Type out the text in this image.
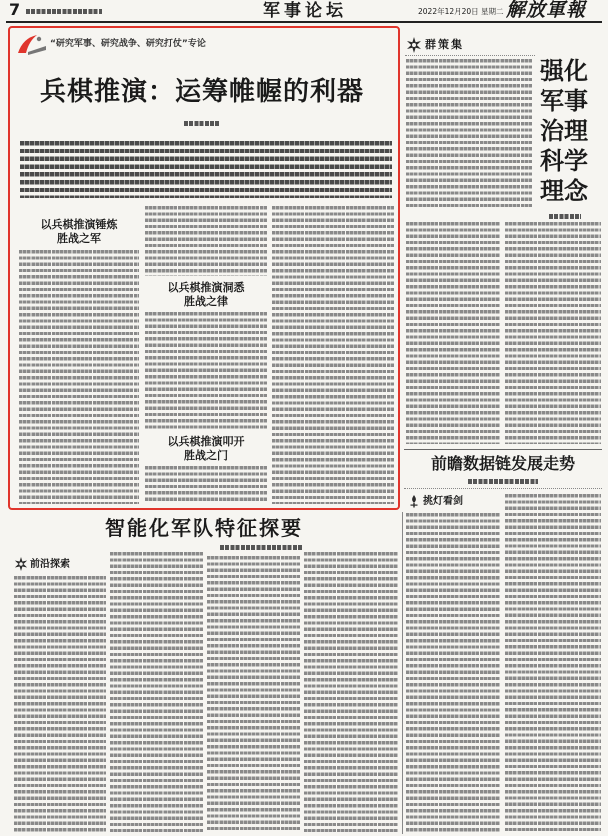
7	军事论坛	2022年12月20日 星期二 解放軍報
“研究军事、研究战争、研究打仗”专论
兵棋推演：运筹帷幄的利器
以兵棋推演锤炼胜战之军
以兵棋推演洞悉胜战之律
以兵棋推演叩开胜战之门
群策集
强化军事治理科学理念
前瞻数据链发展走势
挑灯看剑
智能化军队特征探要
前沿探索
